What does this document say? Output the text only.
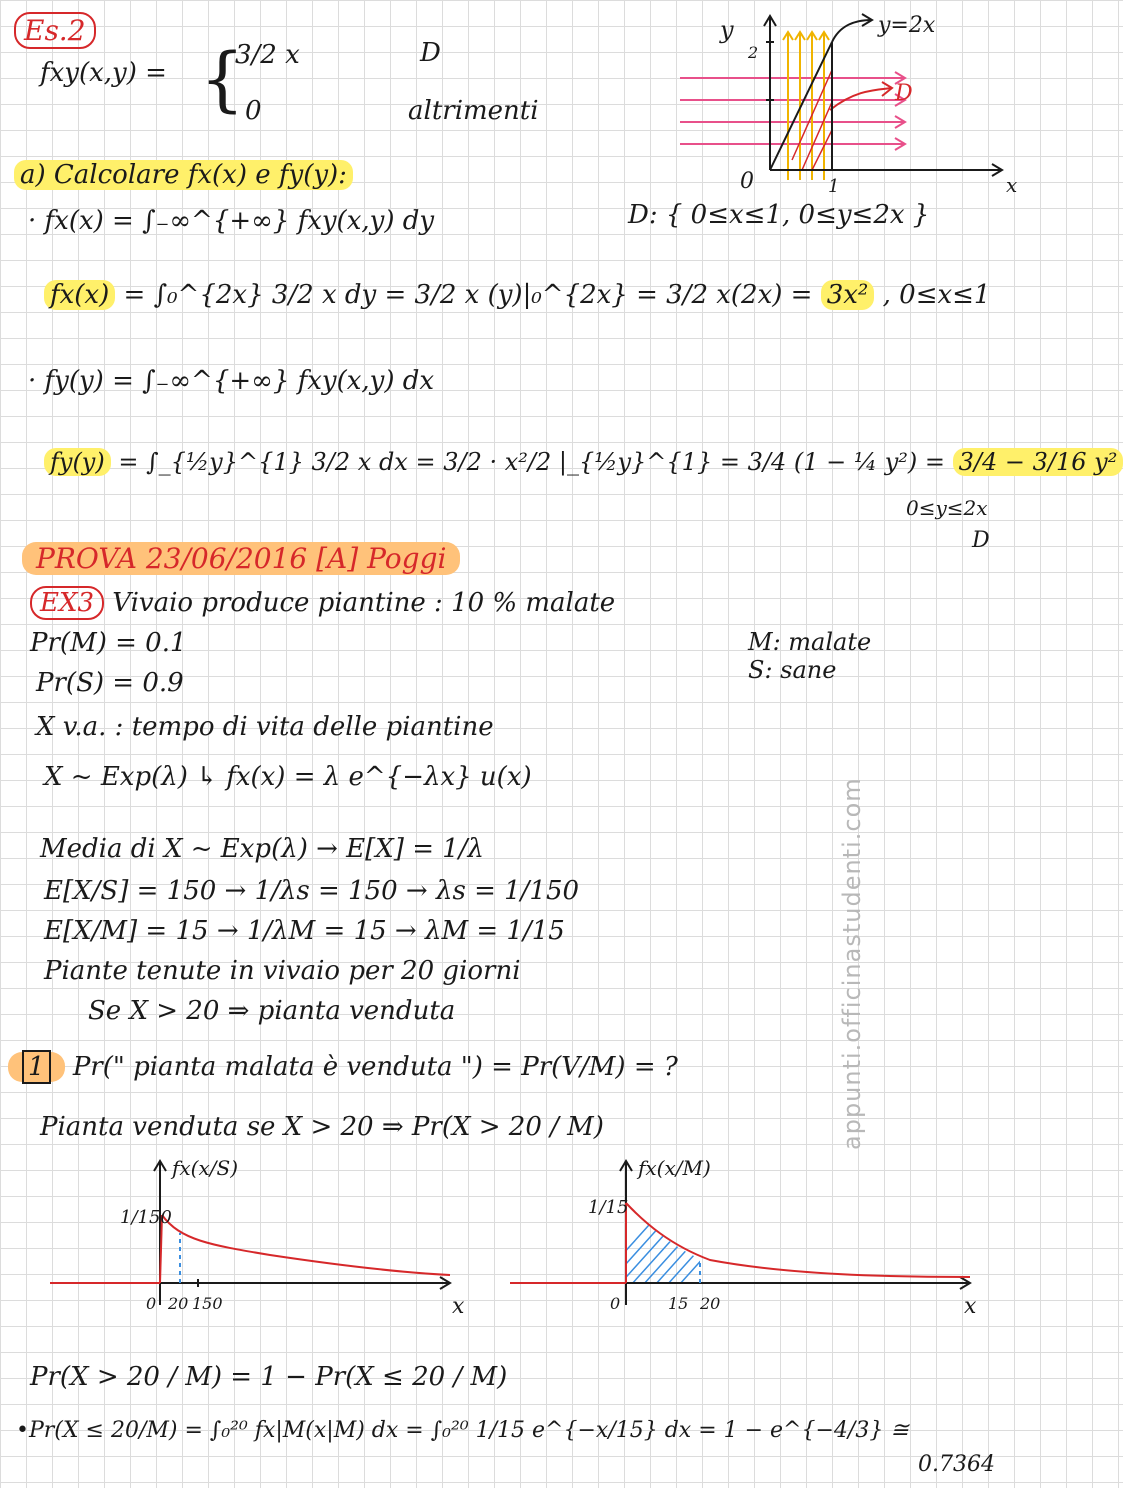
Es.2
fxy(x,y) = {
3/2 x	D
0	altrimenti
y
2
x
1
0
y=2x
D
a) Calcolare fx(x) e fy(y):
· fx(x) = ∫₋∞^{+∞} fxy(x,y) dy	D: { 0≤x≤1, 0≤y≤2x }
fx(x) = ∫₀^{2x} 3/2 x dy = 3/2 x (y)|₀^{2x} = 3/2 x(2x) = 3x² , 0≤x≤1
· fy(y) = ∫₋∞^{+∞} fxy(x,y) dx
fy(y) = ∫_{½y}^{1} 3/2 x dx = 3/2 · x²/2 |_{½y}^{1} = 3/4 (1 − ¼ y²) = 3/4 − 3/16 y²
0≤y≤2x
D
PROVA 23/06/2016 [A] Poggi
EX3 Vivaio produce piantine : 10 % malate
Pr(M) = 0.1
Pr(S) = 0.9
M: malate
S: sane
X v.a. : tempo di vita delle piantine
X ~ Exp(λ) ↳ fx(x) = λ e^{−λx} u(x)
Media di X ~ Exp(λ) → E[X] = 1/λ
E[X/S] = 150 → 1/λs = 150 → λs = 1/150
E[X/M] = 15 → 1/λM = 15 → λM = 1/15
Piante tenute in vivaio per 20 giorni
Se X > 20 ⇒ pianta venduta
1 Pr(" pianta malata è venduta ") = Pr(V/M) = ?
Pianta venduta se X > 20 ⇒ Pr(X > 20 / M)
1/150
fx(x/S)
0 20 150	x
1/15
fx(x/M)
0	15 20	x
Pr(X > 20 / M) = 1 − Pr(X ≤ 20 / M)
•Pr(X ≤ 20/M) = ∫₀²⁰ fx|M(x|M) dx = ∫₀²⁰ 1/15 e^{−x/15} dx = 1 − e^{−4/3} ≅
0.7364
appunti.officinastudenti.com
